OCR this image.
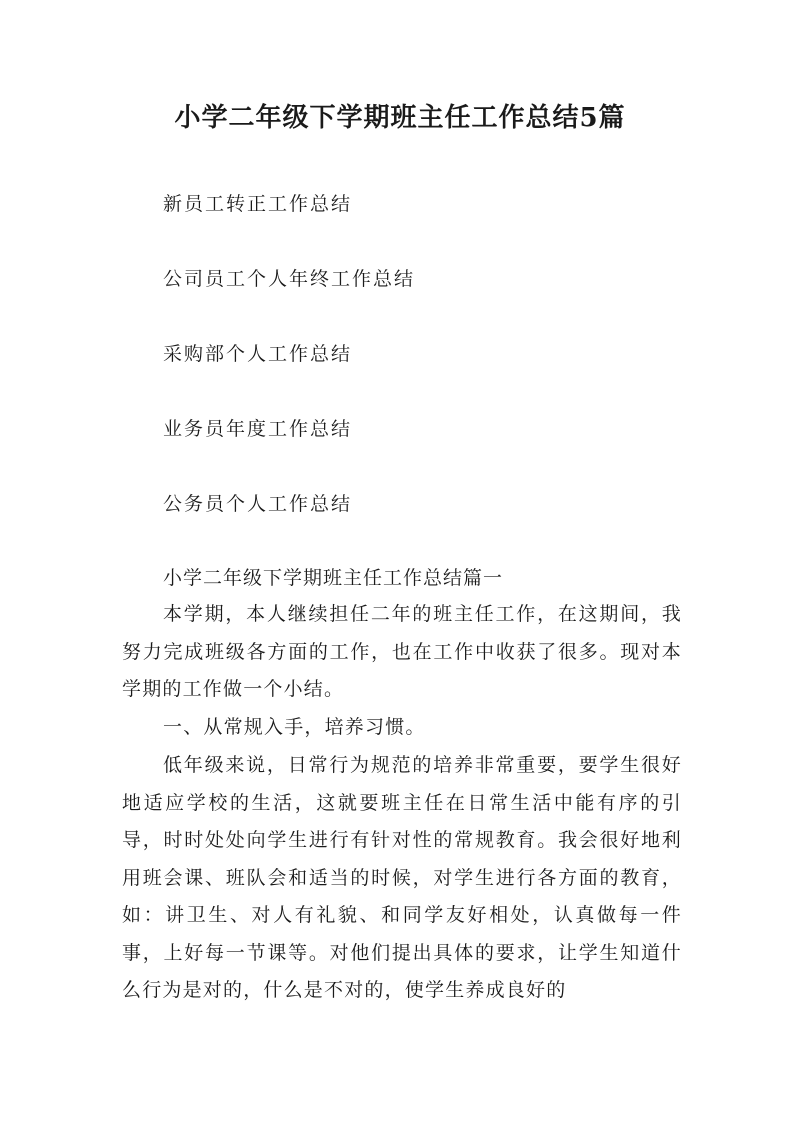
小学二年级下学期班主任工作总结5篇
新员工转正工作总结
公司员工个人年终工作总结
采购部个人工作总结
业务员年度工作总结
公务员个人工作总结
小学二年级下学期班主任工作总结篇一

本学期，本人继续担任二年的班主任工作，在这期间，我努力完成班级各方面的工作，也在工作中收获了很多。现对本学期的工作做一个小结。

一、从常规入手，培养习惯。

低年级来说，日常行为规范的培养非常重要，要学生很好地适应学校的生活，这就要班主任在日常生活中能有序的引导，时时处处向学生进行有针对性的常规教育。我会很好地利用班会课、班队会和适当的时候，对学生进行各方面的教育，如：讲卫生、对人有礼貌、和同学友好相处，认真做每一件事，上好每一节课等。对他们提出具体的要求，让学生知道什么行为是对的，什么是不对的，使学生养成良好的
